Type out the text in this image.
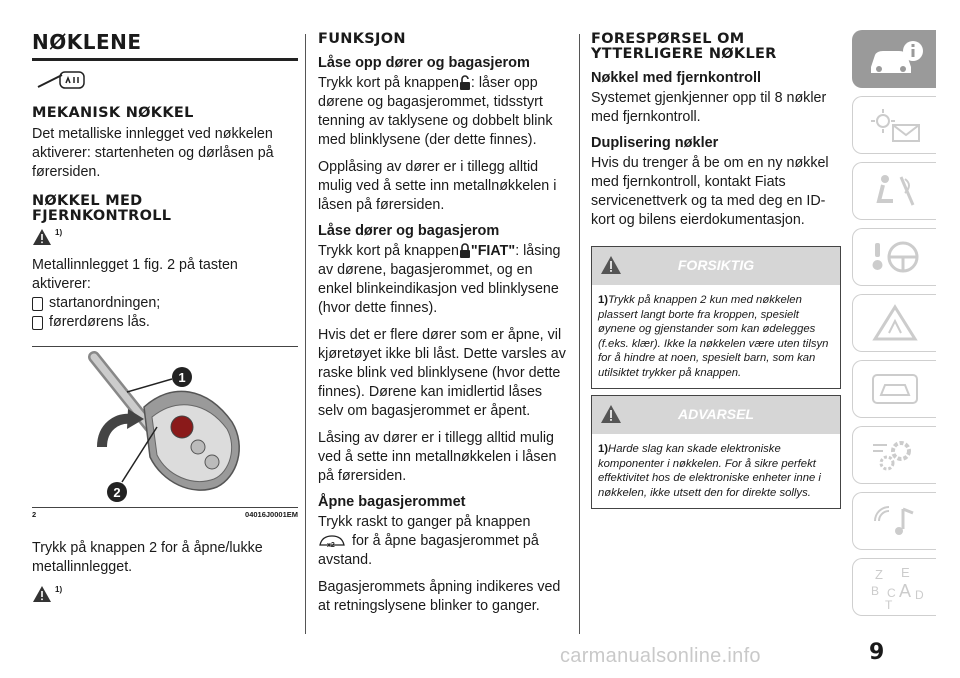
NØKLENE
MEKANISK NØKKEL

Det metalliske innlegget ved nøkkelen aktiverer: startenheten og dørlåsen på førersiden.

NØKKEL MED
FJERNKONTROLL
1)

Metallinnlegget 1 fig. 2 på tasten aktiverer:

startanordningen;
førerdørens lås.
1
2
2	04016J0001EM

Trykk på knappen 2 for å åpne/lukke metallinnlegget.

1)
FUNKSJON
Låse opp dører og bagasjerom

Trykk kort på knappen : låser opp dørene og bagasjerommet, tidsstyrt tenning av taklysene og dobbelt blink med blinklysene (der dette finnes).

Opplåsing av dører er i tillegg alltid mulig ved å sette inn metallnøkkelen i låsen på førersiden.

Låse dører og bagasjerom

Trykk kort på knappen "FIAT": låsing av dørene, bagasjerommet, og en enkel blinkeindikasjon ved blinklysene (hvor dette finnes).

Hvis det er flere dører som er åpne, vil kjøretøyet ikke bli låst. Dette varsles av raske blink ved blinklysene (hvor dette finnes). Dørene kan imidlertid låses selv om bagasjerommet er åpent.

Låsing av dører er i tillegg alltid mulig ved å sette inn metallnøkkelen i låsen på førersiden.

Åpne bagasjerommet

Trykk raskt to ganger på knappen

x2 for å åpne bagasjerommet på avstand.

Bagasjerommets åpning indikeres ved at retningslysene blinker to ganger.

FORESPØRSEL OM
YTTERLIGERE NØKLER
Nøkkel med fjernkontroll

Systemet gjenkjenner opp til 8 nøkler med fjernkontroll.

Duplisering nøkler

Hvis du trenger å be om en ny nøkkel med fjernkontroll, kontakt Fiats servicenettverk og ta med deg en ID-kort og bilens eierdokumentasjon.

FORSIKTIG
1)Trykk på knappen 2 kun med nøkkelen plassert langt borte fra kroppen, spesielt øynene og gjenstander som kan ødelegges (f.eks. klær). Ikke la nøkkelen være uten tilsyn for å hindre at noen, spesielt barn, som kan utilsiktet trykker på knappen.
ADVARSEL
1)Harde slag kan skade elektroniske komponenter i nøkkelen. For å sikre perfekt effektivitet hos de elektroniske enheter inne i nøkkelen, ikke utsett den for direkte sollys.
Z E
B C A D
T
carmanualsonline.info	9
